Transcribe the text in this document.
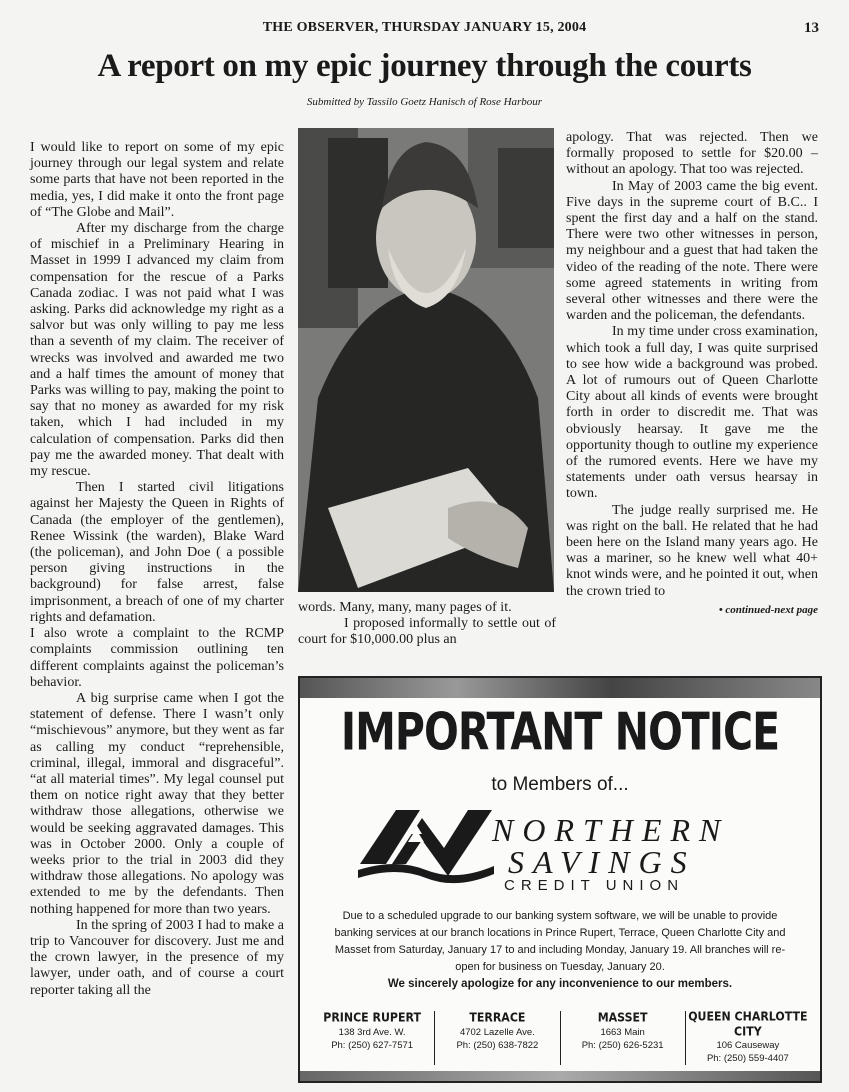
THE OBSERVER, THURSDAY JANUARY 15, 2004	13
A report on my epic journey through the courts
Submitted by Tassilo Goetz Hanisch of Rose Harbour

I would like to report on some of my epic journey through our legal system and relate some parts that have not been reported in the media, yes, I did make it onto the front page of “The Globe and Mail”.

After my discharge from the charge of mischief in a Preliminary Hearing in Masset in 1999 I advanced my claim from compensation for the rescue of a Parks Canada zodiac. I was not paid what I was asking. Parks did acknowledge my right as a salvor but was only willing to pay me less than a seventh of my claim. The receiver of wrecks was involved and awarded me two and a half times the amount of money that Parks was willing to pay, making the point to say that no money as awarded for my risk taken, which I had included in my calculation of compensation. Parks did then pay me the awarded money. That dealt with my rescue.

Then I started civil litigations against her Majesty the Queen in Rights of Canada (the employer of the gentlemen), Renee Wissink (the warden), Blake Ward (the policeman), and John Doe ( a possible person giving instructions in the background) for false arrest, false imprisonment, a breach of one of my charter rights and defamation.

I also wrote a complaint to the RCMP complaints commission outlining ten different complaints against the policeman’s behavior.

A big surprise came when I got the statement of defense. There I wasn’t only “mischievous” anymore, but they went as far as calling my conduct “reprehensible, criminal, illegal, immoral and disgraceful”. “at all material times”. My legal counsel put them on notice right away that they better withdraw those allegations, otherwise we would be seeking aggravated damages. This was in October 2000. Only a couple of weeks prior to the trial in 2003 did they withdraw those allegations. No apology was extended to me by the defendants. Then nothing happened for more than two years.

In the spring of 2003 I had to make a trip to Vancouver for discovery. Just me and the crown lawyer, in the presence of my lawyer, under oath, and of course a court reporter taking all the

words. Many, many, many pages of it.

I proposed informally to settle out of court for $10,000.00 plus an

apology. That was rejected. Then we formally proposed to settle for $20.00 – without an apology. That too was rejected.

In May of 2003 came the big event. Five days in the supreme court of B.C.. I spent the first day and a half on the stand. There were two other witnesses in person, my neighbour and a guest that had taken the video of the reading of the note. There were some agreed statements in writing from several other witnesses and there were the warden and the policeman, the defendants.

In my time under cross examination, which took a full day, I was quite surprised to see how wide a background was probed. A lot of rumours out of Queen Charlotte City about all kinds of events were brought forth in order to discredit me. That was obviously hearsay. It gave me the opportunity though to outline my experience of the rumored events. Here we have my statements under oath versus hearsay in town.

The judge really surprised me. He was right on the ball. He related that he had been here on the Island many years ago. He was a mariner, so he knew well what 40+ knot winds were, and he pointed it out, when the crown tried to

• continued-next page
IMPORTANT NOTICE
to Members of...
NORTHERN
SAVINGS
CREDIT UNION
Due to a scheduled upgrade to our banking system software, we will be unable to provide banking services at our branch locations in Prince Rupert, Terrace, Queen Charlotte City and Masset from Saturday, January 17 to and including Monday, January 19. All branches will re-open for business on Tuesday, January 20.
We sincerely apologize for any inconvenience to our members.
PRINCE RUPERT
138 3rd Ave. W.
Ph: (250) 627-7571
TERRACE
4702 Lazelle Ave.
Ph: (250) 638-7822
MASSET
1663 Main
Ph: (250) 626-5231
QUEEN CHARLOTTE CITY
106 Causeway
Ph: (250) 559-4407
